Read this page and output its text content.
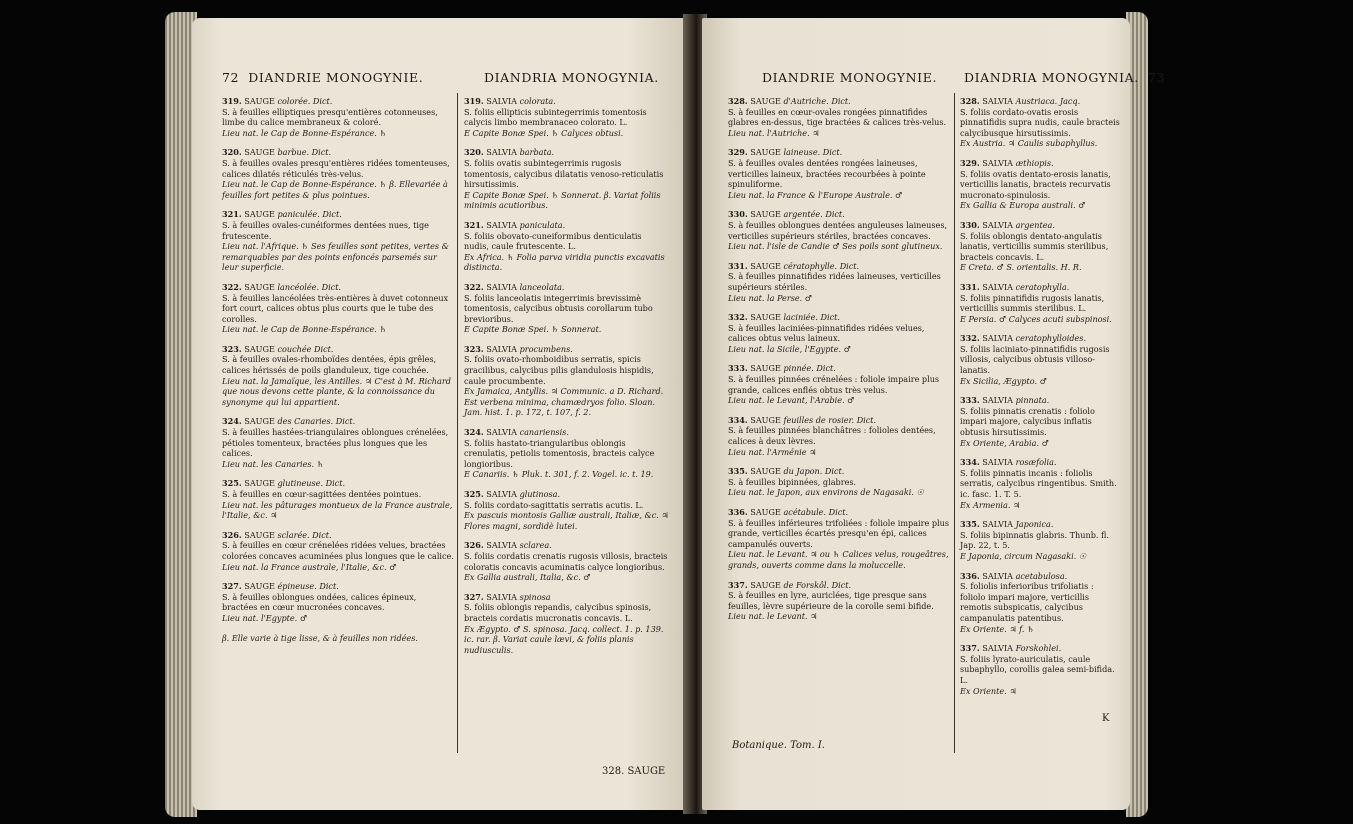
72 DIANDRIE MONOGYNIE.	DIANDRIA MONOGYNIA.

319. SAUGE colorée. Dict.

S. à feuilles elliptiques presqu'entières cotonneuses, limbe du calice membraneux & coloré.

Lieu nat. le Cap de Bonne-Espérance. ♄

320. SAUGE barbue. Dict.

S. à feuilles ovales presqu'entières ridées tomenteuses, calices dilatés réticulés très-velus.

Lieu nat. le Cap de Bonne-Espérance. ♄ β. Ellevariée à feuilles fort petites & plus pointues.

321. SAUGE paniculée. Dict.

S. à feuilles ovales-cunéiformes dentées nues, tige frutescente.

Lieu nat. l'Afrique. ♄ Ses feuilles sont petites, vertes & remarquables par des points enfoncés parsemés sur leur superficie.

322. SAUGE lancéolée. Dict.

S. à feuilles lancéolées très-entières à duvet cotonneux fort court, calices obtus plus courts que le tube des corolles.

Lieu nat. le Cap de Bonne-Espérance. ♄

323. SAUGE couchée Dict.

S. à feuilles ovales-rhomboïdes dentées, épis grêles, calices hérissés de poils glanduleux, tige couchée.

Lieu nat. la Jamaïque, les Antilles. ♃ C'est à M. Richard que nous devons cette plante, & la connoissance du synonyme qui lui appartient.

324. SAUGE des Canaries. Dict.

S. à feuilles hastées-triangulaires oblongues crénelées, pétioles tomenteux, bractées plus longues que les calices.

Lieu nat. les Canaries. ♄

325. SAUGE glutineuse. Dict.

S. à feuilles en cœur-sagittées dentées pointues.

Lieu nat. les pâturages montueux de la France australe, l'Italie, &c. ♃

326. SAUGE sclarée. Dict.

S. à feuilles en cœur crénelées ridées velues, bractées colorées concaves acuminées plus longues que le calice.

Lieu nat. la France australe, l'Italie, &c. ♂

327. SAUGE épineuse. Dict.

S. à feuilles oblongues ondées, calices épineux, bractées en cœur mucronées concaves.

Lieu nat. l'Egypte. ♂

β. Elle varie à tige lisse, & à feuilles non ridées.

319. SALVIA colorata.

S. foliis ellipticis subintegerrimis tomentosis calycis limbo membranaceo colorato. L.

E Capite Bonæ Spei. ♄ Calyces obtusi.

320. SALVIA barbata.

S. foliis ovatis subintegerrimis rugosis tomentosis, calycibus dilatatis venoso-reticulatis hirsutissimis.

E Capite Bonæ Spei. ♄ Sonnerat. β. Variat foliis minimis acutioribus.

321. SALVIA paniculata.

S. foliis obovato-cuneiformibus denticulatis nudis, caule frutescente. L.

Ex Africa. ♄ Folia parva viridia punctis excavatis distincta.

322. SALVIA lanceolata.

S. foliis lanceolatis integerrimis brevissimè tomentosis, calycibus obtusis corollarum tubo brevioribus.

E Capite Bonæ Spei. ♄ Sonnerat.

323. SALVIA procumbens.

S. foliis ovato-rhomboidibus serratis, spicis gracilibus, calycibus pilis glandulosis hispidis, caule procumbente.

Ex Jamaica, Antyllis. ♃ Communic. a D. Richard. Est verbena minima, chamædryos folio. Sloan. Jam. hist. 1. p. 172, t. 107, f. 2.

324. SALVIA canariensis.

S. foliis hastato-triangularibus oblongis crenulatis, petiolis tomentosis, bracteis calyce longioribus.

E Canariis. ♄ Pluk. t. 301, f. 2. Vogel. ic. t. 19.

325. SALVIA glutinosa.

S. foliis cordato-sagittatis serratis acutis. L.

Ex pascuis montosis Galliæ australi, Italiæ, &c. ♃ Flores magni, sordidè lutei.

326. SALVIA sclarea.

S. foliis cordatis crenatis rugosis villosis, bracteis coloratis concavis acuminatis calyce longioribus.

Ex Gallia australi, Italia, &c. ♂

327. SALVIA spinosa

S. foliis oblongis repandis, calycibus spinosis, bracteis cordatis mucronatis concavis. L.

Ex Ægypto. ♂ S. spinosa. Jacq. collect. 1. p. 139. ic. rar. β. Variat caule lævi, & foliis planis nudiusculis.

328. SAUGE
DIANDRIE MONOGYNIE. DIANDRIA MONOGYNIA. 73

328. SAUGE d'Autriche. Dict.

S. à feuilles en cœur-ovales rongées pinnatifides glabres en-dessus, tige bractées & calices très-velus.

Lieu nat. l'Autriche. ♃

329. SAUGE laineuse. Dict.

S. à feuilles ovales dentées rongées laineuses, verticilles laineux, bractées recourbées à pointe spinuliforme.

Lieu nat. la France & l'Europe Australe. ♂

330. SAUGE argentée. Dict.

S. à feuilles oblongues dentées anguleuses laineuses, verticilles supérieurs stériles, bractées concaves.

Lieu nat. l'isle de Candie ♂ Ses poils sont glutineux.

331. SAUGE cératophylle. Dict.

S. à feuilles pinnatifides ridées laineuses, verticilles supérieurs stériles.

Lieu nat. la Perse. ♂

332. SAUGE laciniée. Dict.

S. à feuilles laciniées-pinnatifides ridées velues, calices obtus velus laineux.

Lieu nat. la Sicile, l'Egypte. ♂

333. SAUGE pinnée. Dict.

S. à feuilles pinnées crénelées : foliole impaire plus grande, calices enflés obtus très velus.

Lieu nat. le Levant, l'Arabie. ♂

334. SAUGE feuilles de rosier. Dict.

S. à feuilles pinnées blanchâtres : folioles dentées, calices à deux lèvres.

Lieu nat. l'Arménie ♃

335. SAUGE du Japon. Dict.

S. à feuilles bipinnées, glabres.

Lieu nat. le Japon, aux environs de Nagasaki. ☉

336. SAUGE acétabule. Dict.

S. à feuilles inférieures trifoliées : foliole impaire plus grande, verticilles écartés presqu'en épi, calices campanulés ouverts.

Lieu nat. le Levant. ♃ ou ♄ Calices velus, rougeâtres, grands, ouverts comme dans la moluccelle.

337. SAUGE de Forskôl. Dict.

S. à feuilles en lyre, auriclées, tige presque sans feuilles, lèvre supérieure de la corolle semi bifide.

Lieu nat. le Levant. ♃

328. SALVIA Austriaca. Jacq.

S. foliis cordato-ovatis erosis pinnatifidis supra nudis, caule bracteis calycibusque hirsutissimis.

Ex Austria. ♃ Caulis subaphyllus.

329. SALVIA æthiopis.

S. foliis ovatis dentato-erosis lanatis, verticillis lanatis, bracteis recurvatis mucronato-spinulosis.

Ex Gallia & Europa australi. ♂

330. SALVIA argentea.

S. foliis oblongis dentato-angulatis lanatis, verticillis summis sterilibus, bracteis concavis. L.

E Creta. ♂ S. orientalis. H. R.

331. SALVIA ceratophylla.

S. foliis pinnatifidis rugosis lanatis, verticillis summis sterilibus. L.

E Persia. ♂ Calyces acuti subspinosi.

332. SALVIA ceratophylloides.

S. foliis laciniato-pinnatifidis rugosis villosis, calycibus obtusis villoso-lanatis.

Ex Sicilia, Ægypto. ♂

333. SALVIA pinnata.

S. foliis pinnatis crenatis : foliolo impari majore, calycibus inflatis obtusis hirsutissimis.

Ex Oriente, Arabia. ♂

334. SALVIA rosæfolia.

S. foliis pinnatis incanis : foliolis serratis, calycibus ringentibus. Smith. ic. fasc. 1. T. 5.

Ex Armenia. ♃

335. SALVIA Japonica.

S. foliis bipinnatis glabris. Thunb. fl. Jap. 22, t. 5.

E Japonia, circum Nagasaki. ☉

336. SALVIA acetabulosa.

S. foliolis inferioribus trifoliatis : foliolo impari majore, verticillis remotis subspicatis, calycibus campanulatis patentibus.

Ex Oriente. ♃ f. ♄

337. SALVIA Forskohlei.

S. foliis lyrato-auriculatis, caule subaphyllo, corollis galea semi-bifida. L.

Ex Oriente. ♃

Botanique. Tom. I.
K
